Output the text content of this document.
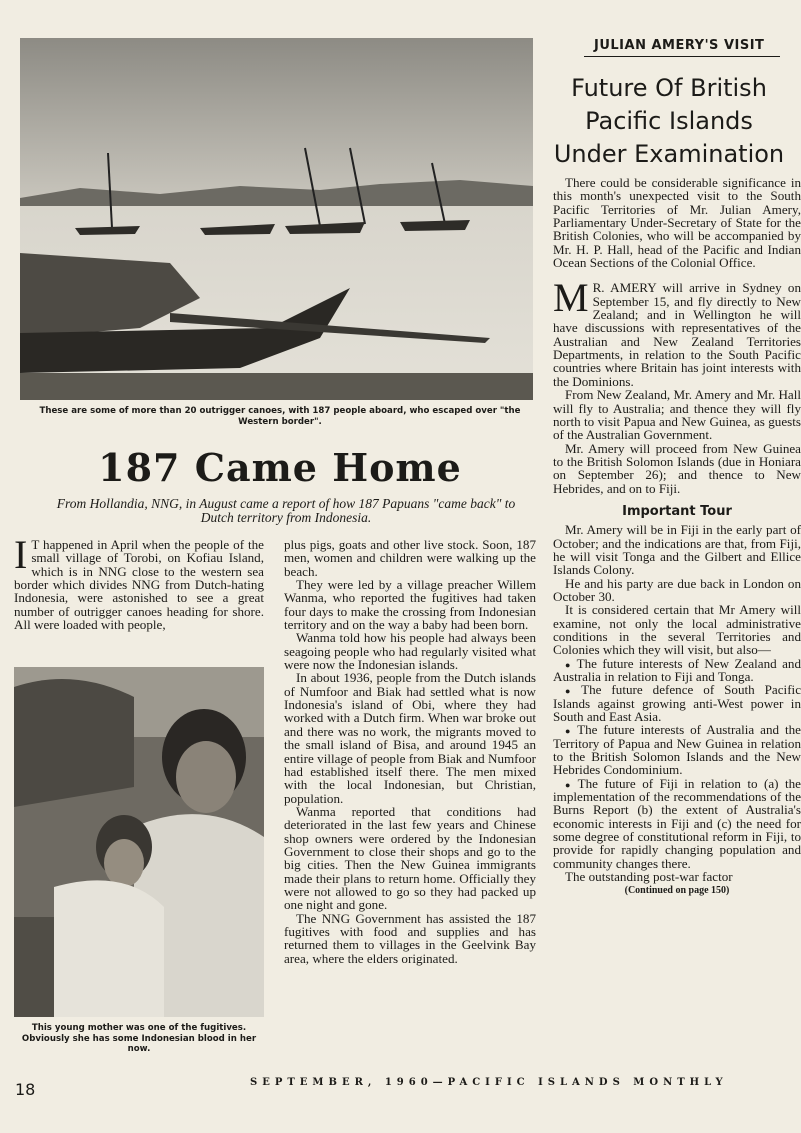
These are some of more than 20 outrigger canoes, with 187 people aboard, who escaped over "the Western border".
187 Came Home
From Hollandia, NNG, in August came a report of how 187 Papuans "came back" to Dutch territory from Indonesia.
I T happened in April when the people of the small village of Torobi, on Kofiau Island, which is in NNG close to the western sea border which divides NNG from Dutch-hating Indonesia, were astonished to see a great number of outrigger canoes heading for shore. All were loaded with people,

This young mother was one of the fugitives. Obviously she has some Indonesian blood in her now.

plus pigs, goats and other live stock. Soon, 187 men, women and children were walking up the beach.

They were led by a village preacher Willem Wanma, who reported the fugitives had taken four days to make the crossing from Indonesian territory and on the way a baby had been born.

Wanma told how his people had always been seagoing people who had regularly visited what were now the Indonesian islands.

In about 1936, people from the Dutch islands of Numfoor and Biak had settled what is now Indonesia's island of Obi, where they had worked with a Dutch firm. When war broke out and there was no work, the migrants moved to the small island of Bisa, and around 1945 an entire village of people from Biak and Numfoor had established itself there. The men mixed with the local Indonesian, but Christian, population.

Wanma reported that conditions had deteriorated in the last few years and Chinese shop owners were ordered by the Indonesian Government to close their shops and go to the big cities. Then the New Guinea immigrants made their plans to return home. Officially they were not allowed to go so they had packed up one night and gone.

The NNG Government has assisted the 187 fugitives with food and supplies and has returned them to villages in the Geelvink Bay area, where the elders originated.

JULIAN AMERY'S VISIT
Future Of British
Pacific Islands
Under Examination

There could be considerable significance in this month's unexpected visit to the South Pacific Territories of Mr. Julian Amery, Parliamentary Under-Secretary of State for the British Colonies, who will be accompanied by Mr. H. P. Hall, head of the Pacific and Indian Ocean Sections of the Colonial Office.

M R. AMERY will arrive in Sydney on September 15, and fly directly to New Zealand; and in Wellington he will have discussions with representatives of the Australian and New Zealand Territories Departments, in relation to the South Pacific countries where Britain has joint interests with the Dominions.

From New Zealand, Mr. Amery and Mr. Hall will fly to Australia; and thence they will fly north to visit Papua and New Guinea, as guests of the Australian Government.

Mr. Amery will proceed from New Guinea to the British Solomon Islands (due in Honiara on September 26); and thence to New Hebrides, and on to Fiji.

Important Tour

Mr. Amery will be in Fiji in the early part of October; and the indications are that, from Fiji, he will visit Tonga and the Gilbert and Ellice Islands Colony.

He and his party are due back in London on October 30.

It is considered certain that Mr Amery will examine, not only the local administrative conditions in the several Territories and Colonies which they will visit, but also—

● The future interests of New Zealand and Australia in relation to Fiji and Tonga.

● The future defence of South Pacific Islands against growing anti-West power in South and East Asia.

● The future interests of Australia and the Territory of Papua and New Guinea in relation to the British Solomon Islands and the New Hebrides Condominium.

● The future of Fiji in relation to (a) the implementation of the recommendations of the Burns Report (b) the extent of Australia's economic interests in Fiji and (c) the need for some degree of constitutional reform in Fiji, to provide for rapidly changing population and community changes there.

The outstanding post-war factor

(Continued on page 150)

18	SEPTEMBER, 1960—PACIFIC ISLANDS MONTHLY
